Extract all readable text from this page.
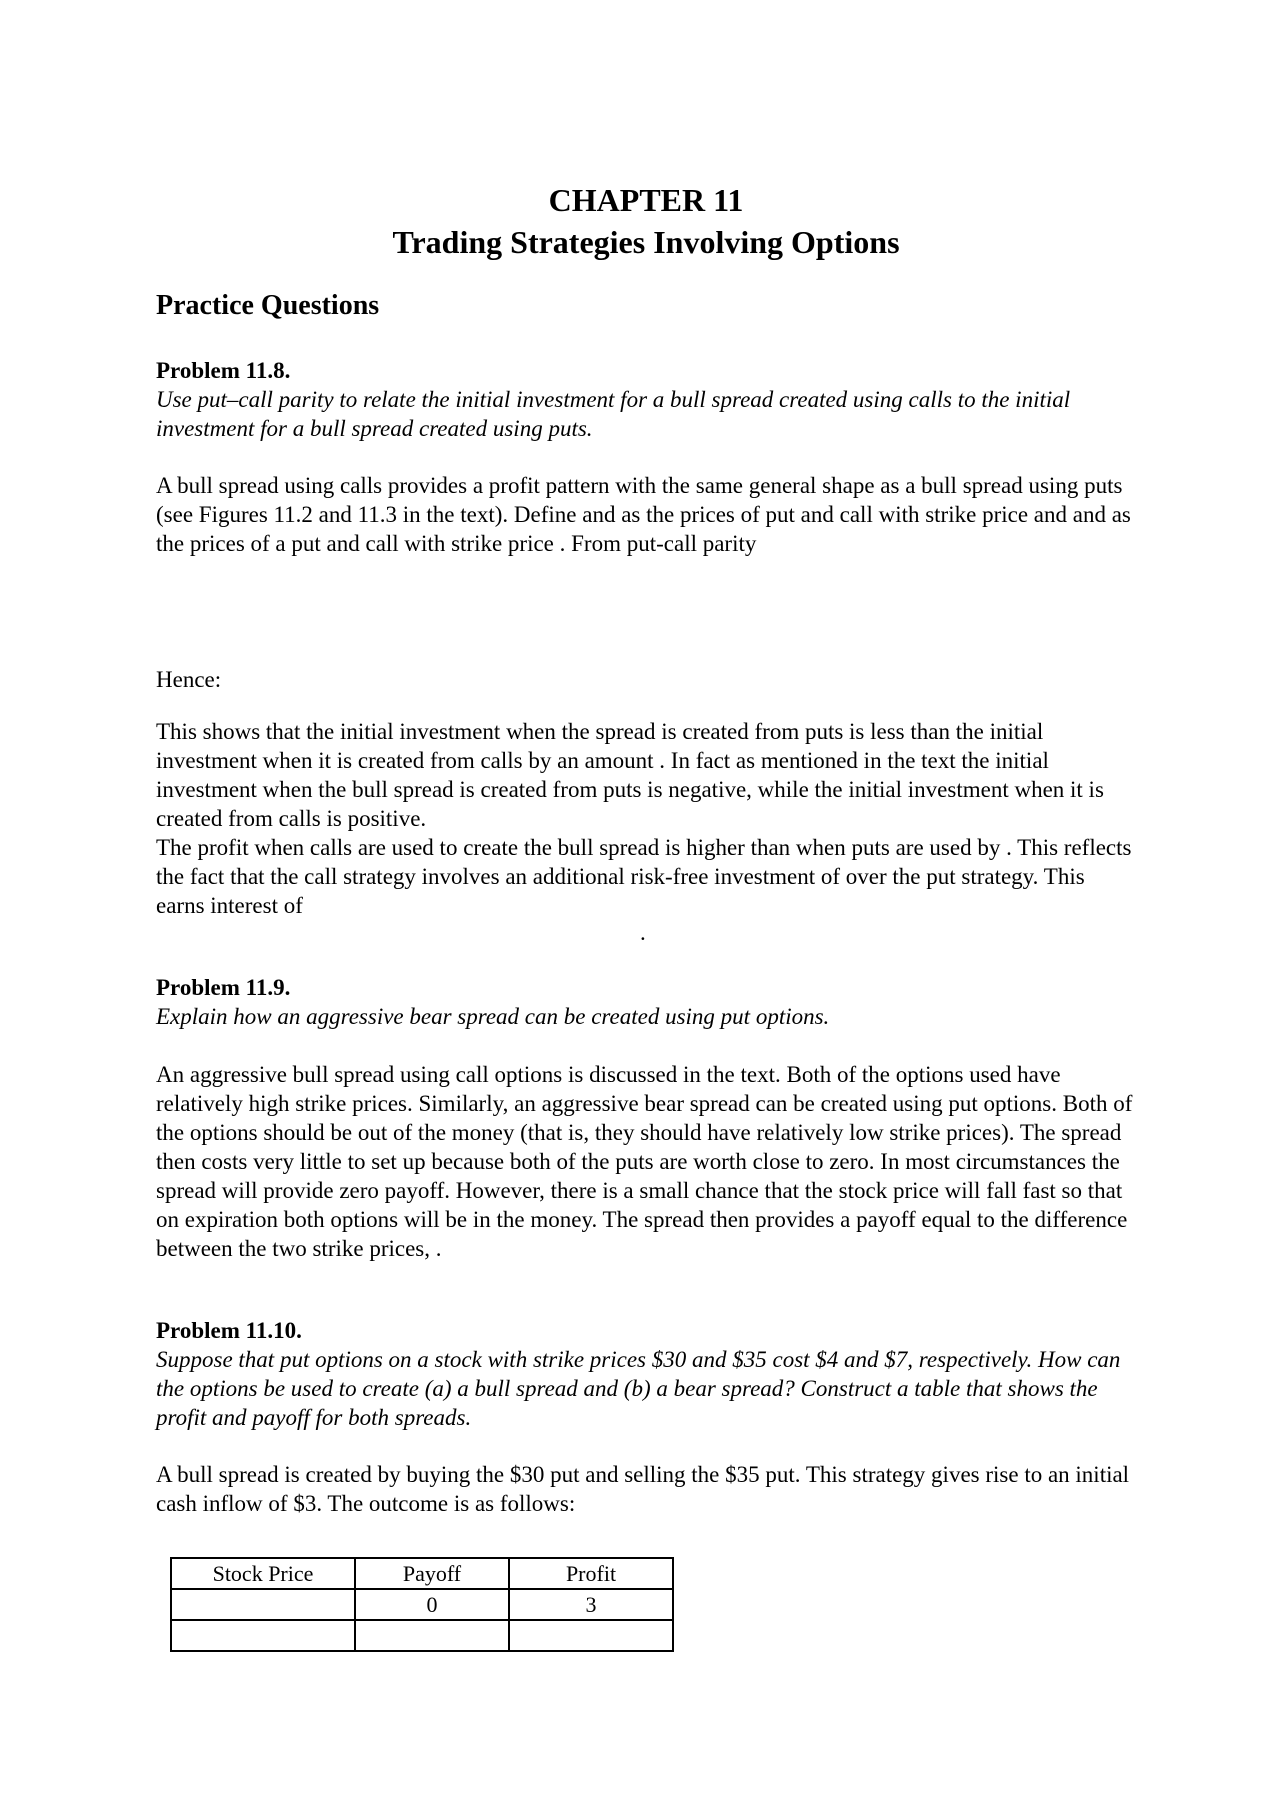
CHAPTER 11
Trading Strategies Involving Options
Practice Questions
Problem 11.8.
Use put–call parity to relate the initial investment for a bull spread created using calls to the initial investment for a bull spread created using puts.
A bull spread using calls provides a profit pattern with the same general shape as a bull spread using puts (see Figures 11.2 and 11.3 in the text). Define and as the prices of put and call with strike price and and as the prices of a put and call with strike price . From put-call parity
Hence:
This shows that the initial investment when the spread is created from puts is less than the initial investment when it is created from calls by an amount . In fact as mentioned in the text the initial investment when the bull spread is created from puts is negative, while the initial investment when it is created from calls is positive.
The profit when calls are used to create the bull spread is higher than when puts are used by . This reflects the fact that the call strategy involves an additional risk-free investment of over the put strategy. This earns interest of
.
Problem 11.9.
Explain how an aggressive bear spread can be created using put options.
An aggressive bull spread using call options is discussed in the text. Both of the options used have relatively high strike prices. Similarly, an aggressive bear spread can be created using put options. Both of the options should be out of the money (that is, they should have relatively low strike prices). The spread then costs very little to set up because both of the puts are worth close to zero. In most circumstances the spread will provide zero payoff. However, there is a small chance that the stock price will fall fast so that on expiration both options will be in the money. The spread then provides a payoff equal to the difference between the two strike prices, .
Problem 11.10.
Suppose that put options on a stock with strike prices $30 and $35 cost $4 and $7, respectively. How can the options be used to create (a) a bull spread and (b) a bear spread? Construct a table that shows the profit and payoff for both spreads.
A bull spread is created by buying the $30 put and selling the $35 put. This strategy gives rise to an initial cash inflow of $3. The outcome is as follows:
Stock Price	Payoff	Profit
	0	3
